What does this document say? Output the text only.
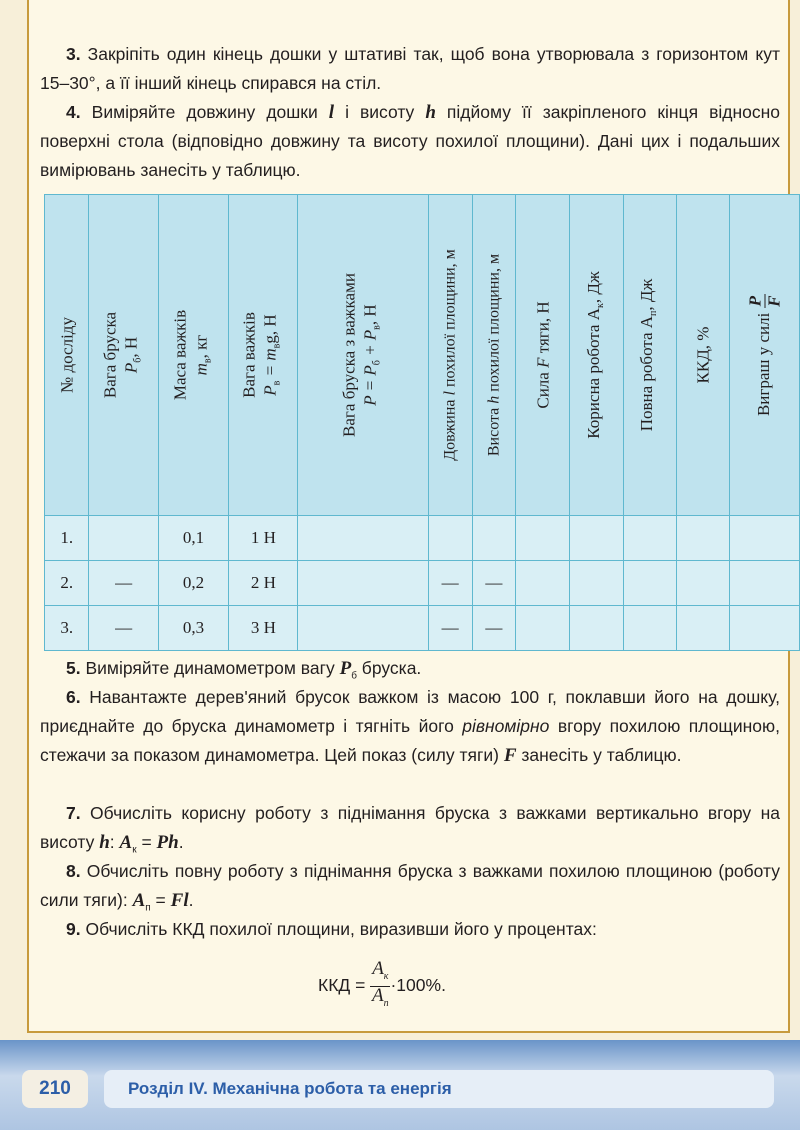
3. Закріпіть один кінець дошки у штативі так, щоб вона утворювала з горизонтом кут 15–30°, а її інший кінець спирався на стіл.

4. Виміряйте довжину дошки l і висоту h підйому її закріпленого кінця відносно поверхні стола (відповідно довжину та висоту похилої площини). Дані цих і подальших вимірювань занесіть у таблицю.

№ досліду	Вага бруска $P_б$, Н	Маса важків $m_в$, кг	Вага важків $P_в = m_вg$, Н	Вага бруска з важками $P = P_б + P_в$, Н	Довжина l похилої площини, м	Висота h похилої площини, м	Сила F тяги, Н	Корисна робота $A_к$, Дж	Повна робота $A_п$, Дж	ККД, %	Виграш у силі
P F

1.		0,1	1 Н								
2.	—	0,2	2 Н		—	—					
3.	—	0,3	3 Н		—	—					

5. Виміряйте динамометром вагу $P_б$ бруска.

6. Навантажте дерев'яний брусок важком із масою 100 г, поклавши його на дошку, приєднайте до бруска динамометр і тягніть його рівномірно вгору похилою площиною, стежачи за показом динамометра. Цей показ (силу тяги) F занесіть у таблицю.

7. Обчисліть корисну роботу з піднімання бруска з важками вертикально вгору на висоту h: $A_к = Ph$.

8. Обчисліть повну роботу з піднімання бруска з важками похилою площиною (роботу сили тяги): $A_п = Fl$.

9. Обчисліть ККД похилої площини, виразивши його у процентах:

ККД = $\frac{A_к}{A_п} \cdot 100\%$.
210	Розділ IV. Механічна робота та енергія
